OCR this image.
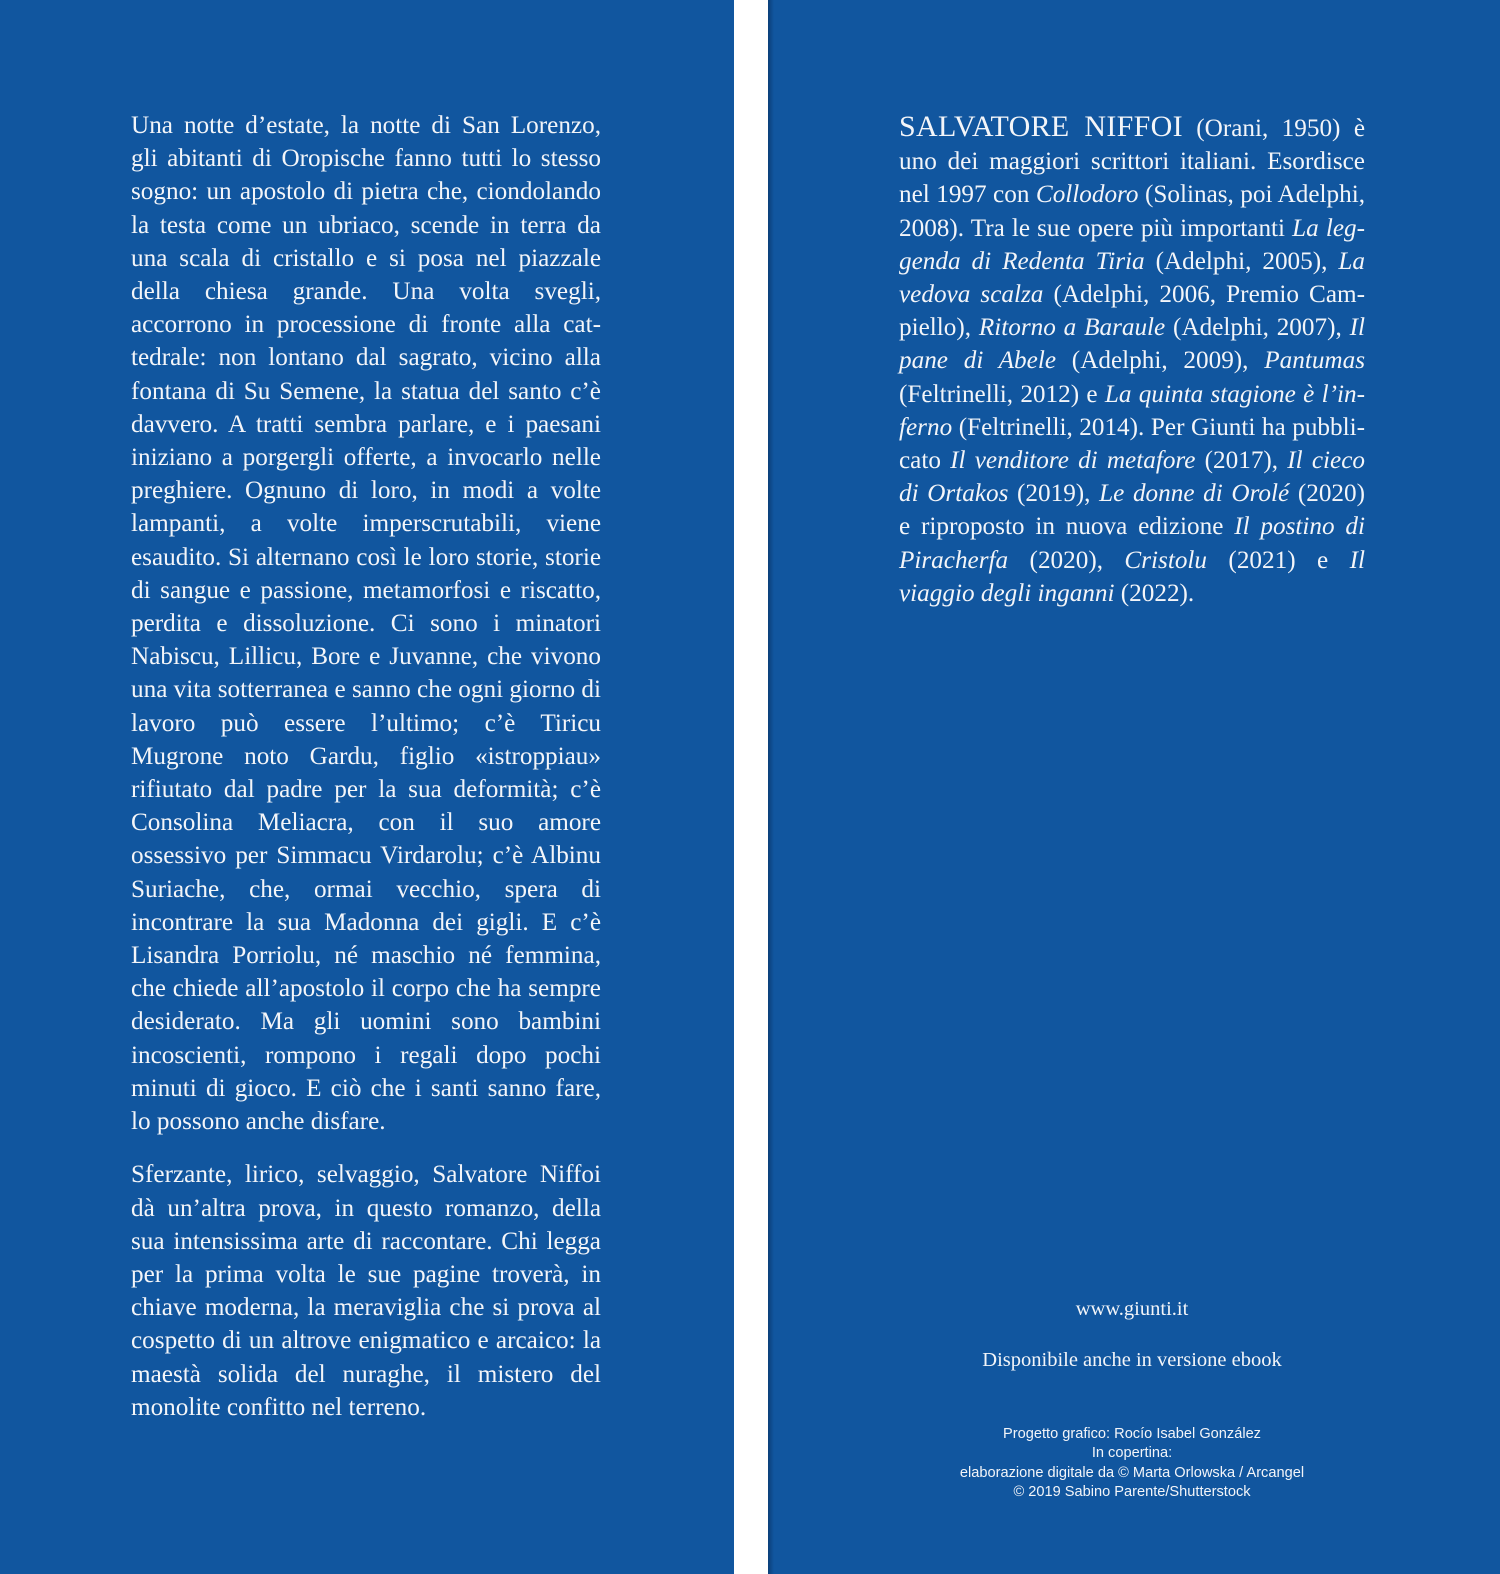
Una notte d’estate, la notte di San Lorenzo, gli abitanti di Oropische fanno tutti lo stesso sogno: un apostolo di pietra che, ciondolando la testa come un ubriaco, scende in terra da una scala di cristallo e si posa nel piazzale della chiesa grande. Una volta svegli, accorrono in processione di fronte alla cattedrale: non lontano dal sagrato, vicino alla fontana di Su Semene, la statua del santo c’è davvero. A tratti sembra parlare, e i paesani iniziano a porgergli offerte, a invocarlo nelle preghiere. Ognuno di loro, in modi a volte lampanti, a volte imperscrutabili, viene esaudito. Si alternano così le loro storie, storie di sangue e passione, metamorfosi e riscatto, perdita e dissoluzione. Ci sono i minatori Nabiscu, Lillicu, Bore e Juvanne, che vivono una vita sotterranea e sanno che ogni giorno di lavoro può essere l’ultimo; c’è Tiricu Mugrone noto Gardu, figlio «istroppiau» rifiutato dal padre per la sua deformità; c’è Consolina Meliacra, con il suo amore ossessivo per Simmacu Virdarolu; c’è Albinu Suriache, che, ormai vecchio, spera di incontrare la sua Madonna dei gigli. E c’è Lisandra Porriolu, né maschio né femmina, che chiede all’apostolo il corpo che ha sempre desiderato. Ma gli uomini sono bambini incoscienti, rompono i regali dopo pochi minuti di gioco. E ciò che i santi sanno fare, lo possono anche disfare.

Sferzante, lirico, selvaggio, Salvatore Niffoi dà un’altra prova, in questo romanzo, della sua intensissima arte di raccontare. Chi legga per la prima volta le sue pagine troverà, in chiave moderna, la meraviglia che si prova al cospetto di un altrove enigmatico e arcaico: la maestà solida del nuraghe, il mistero del monolite confitto nel terreno.

SALVATORE NIFFOI (Orani, 1950) è uno dei maggiori scrittori italiani. Esordisce nel 1997 con Collodoro (Solinas, poi Adelphi, 2008). Tra le sue opere più importanti La leggenda di Redenta Tiria (Adelphi, 2005), La vedova scalza (Adelphi, 2006, Premio Campiello), Ritorno a Baraule (Adelphi, 2007), Il pane di Abele (Adelphi, 2009), Pantumas (Feltrinelli, 2012) e La quinta stagione è l’inferno (Feltrinelli, 2014). Per Giunti ha pubblicato Il venditore di metafore (2017), Il cieco di Ortakos (2019), Le donne di Orolé (2020) e riproposto in nuova edizione Il postino di Piracherfa (2020), Cristolu (2021) e Il viaggio degli inganni (2022).

www.giunti.it
Disponibile anche in versione ebook
Progetto grafico: Rocío Isabel González
In copertina:
elaborazione digitale da © Marta Orlowska / Arcangel
© 2019 Sabino Parente/Shutterstock
